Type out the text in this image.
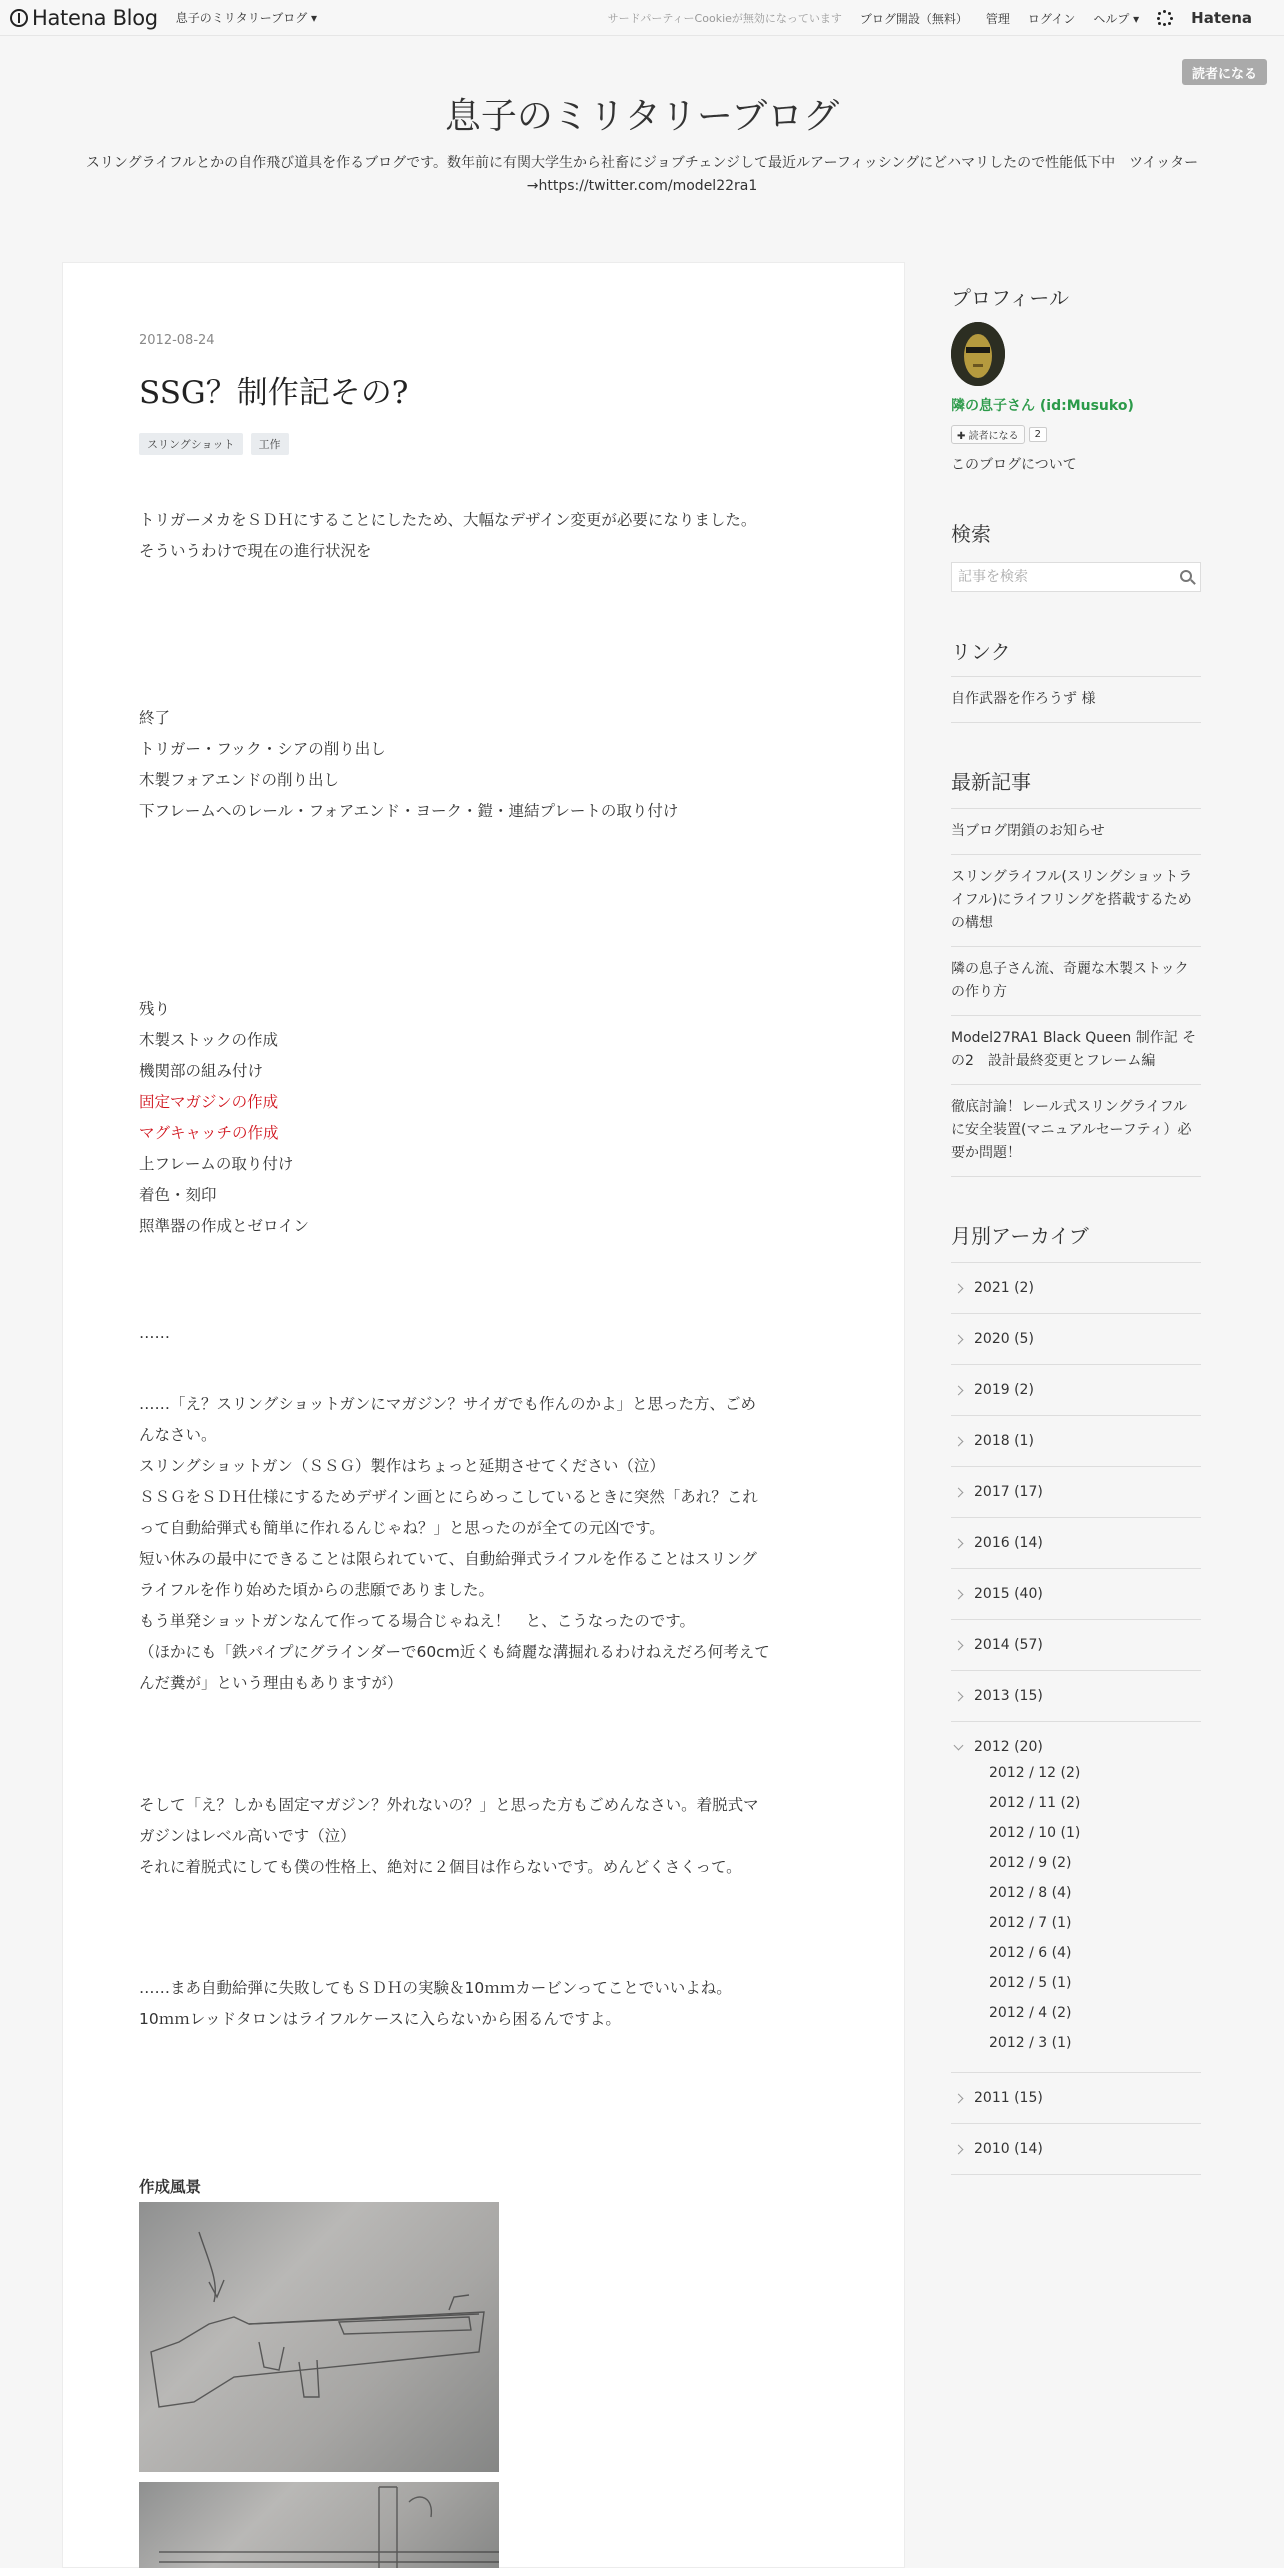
Hatena Blog 息子のミリタリーブログ ▾	サードパーティーCookieが無効になっています ブログ開設（無料） 管理 ログイン ヘルプ ▾	Hatena
読者になる
息子のミリタリーブログ
スリングライフルとかの自作飛び道具を作るブログです。数年前に有関大学生から社畜にジョブチェンジして最近ルアーフィッシングにどハマリしたので性能低下中　ツイッター→https://twitter.com/model22ra1
2012-08-24
SSG？制作記その?
スリングショット	工作
トリガーメカをＳＤＨにすることにしたため、大幅なデザイン変更が必要になりました。
そういうわけで現在の進行状況を
終了
トリガー・フック・シアの削り出し
木製フォアエンドの削り出し
下フレームへのレール・フォアエンド・ヨーク・鎧・連結プレートの取り付け
残り
木製ストックの作成
機関部の組み付け
固定マガジンの作成
マグキャッチの作成
上フレームの取り付け
着色・刻印
照準器の作成とゼロイン
……
……「え？スリングショットガンにマガジン？サイガでも作んのかよ」と思った方、ごめ
んなさい。
スリングショットガン（ＳＳＧ）製作はちょっと延期させてください（泣）
ＳＳＧをＳＤＨ仕様にするためデザイン画とにらめっこしているときに突然「あれ？これ
って自動給弾式も簡単に作れるんじゃね？」と思ったのが全ての元凶です。
短い休みの最中にできることは限られていて、自動給弾式ライフルを作ることはスリング
ライフルを作り始めた頃からの悲願でありました。
もう単発ショットガンなんて作ってる場合じゃねえ！　と、こうなったのです。
（ほかにも「鉄パイプにグラインダーで60cm近くも綺麗な溝掘れるわけねえだろ何考えて
んだ糞が」という理由もありますが）
そして「え？しかも固定マガジン？外れないの？」と思った方もごめんなさい。着脱式マ
ガジンはレベル高いです（泣）
それに着脱式にしても僕の性格上、絶対に２個目は作らないです。めんどくさくって。
……まあ自動給弾に失敗してもＳＤＨの実験＆10ｍｍカービンってことでいいよね。
10ｍｍレッドタロンはライフルケースに入らないから困るんですよ。
作成風景
プロフィール
隣の息子さん (id:Musuko)
✚ 読者になる	2
このブログについて
検索
記事を検索
リンク
自作武器を作ろうず 様
最新記事
当ブログ閉鎖のお知らせ
スリングライフル(スリングショットライフル)にライフリングを搭載するための構想
隣の息子さん流、奇麗な木製ストックの作り方
Model27RA1 Black Queen 制作記 その2　設計最終変更とフレーム編
徹底討論！レール式スリングライフルに安全装置(マニュアルセーフティ）必要か問題！
月別アーカイブ
2021 (2)
2020 (5)
2019 (2)
2018 (1)
2017 (17)
2016 (14)
2015 (40)
2014 (57)
2013 (15)
2012 (20)
2012 / 12 (2)
2012 / 11 (2)
2012 / 10 (1)
2012 / 9 (2)
2012 / 8 (4)
2012 / 7 (1)
2012 / 6 (4)
2012 / 5 (1)
2012 / 4 (2)
2012 / 3 (1)
2011 (15)
2010 (14)
